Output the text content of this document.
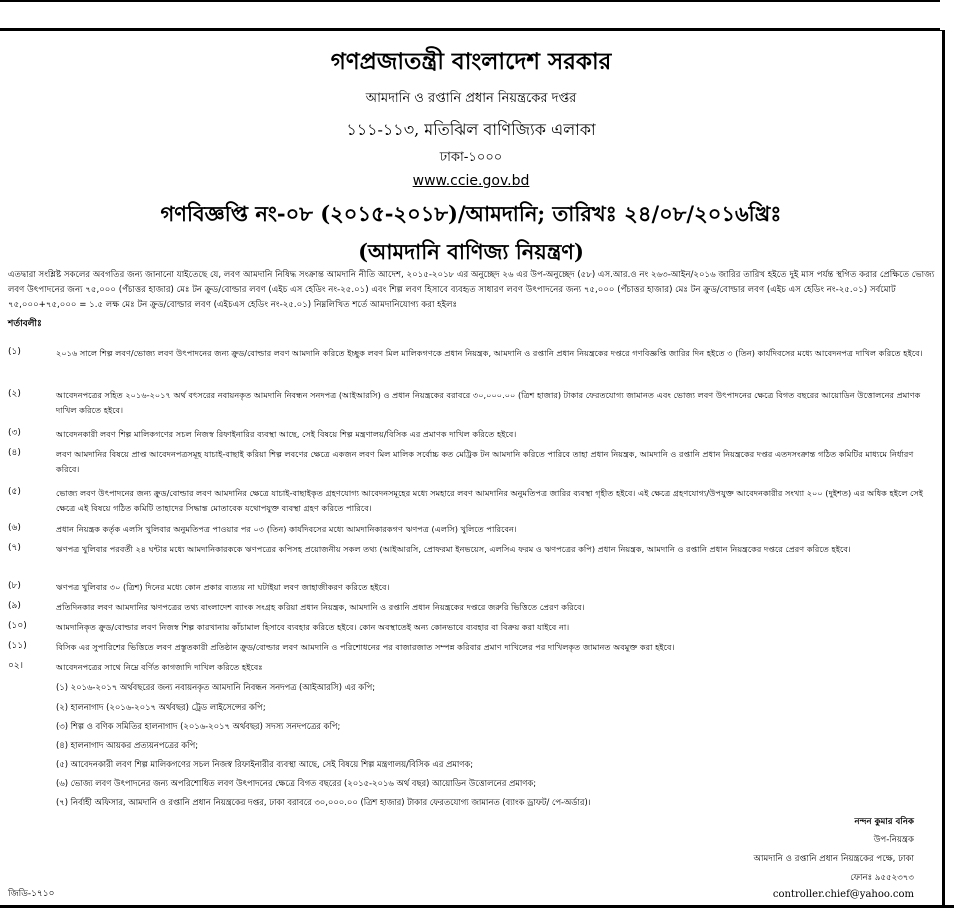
গণপ্রজাতন্ত্রী বাংলাদেশ সরকার
আমদানি ও রপ্তানি প্রধান নিয়ন্ত্রকের দপ্তর
১১১-১১৩, মতিঝিল বাণিজ্যিক এলাকা
ঢাকা-১০০০
www.ccie.gov.bd
গণবিজ্ঞপ্তি নং-০৮ (২০১৫-২০১৮)/আমদানি; তারিখঃ ২৪/০৮/২০১৬খ্রিঃ
(আমদানি বাণিজ্য নিয়ন্ত্রণ)
এতদ্বারা সংশ্লিষ্ট সকলের অবগতির জন্য জানানো যাইতেছে যে, লবণ আমদানি নিষিদ্ধ সংক্রান্ত আমদানি নীতি আদেশ, ২০১৫-২০১৮ এর অনুচ্ছেদ ২৬ এর উপ-অনুচ্ছেদ (৫৮) এস.আর.ও নং ২৬৩-আইন/২০১৬ জারির তারিখ হইতে দুই মাস পর্যন্ত স্থগিত করার প্রেক্ষিতে ভোজ্য লবণ উৎপাদনের জন্য ৭৫,০০০ (পঁচাত্তর হাজার) মেঃ টন ক্রুড/বোল্ডার লবণ (এইচ এস হেডিং নং-২৫.০১) এবং শিল্প লবণ হিসাবে ব্যবহৃত সাধারণ লবণ উৎপাদনের জন্য ৭৫,০০০ (পঁচাত্তর হাজার) মেঃ টন ক্রুড/বোল্ডার লবণ (এইচ এস হেডিং নং-২৫.০১) সর্বমোট ৭৫,০০০+৭৫,০০০ = ১.৫ লক্ষ মেঃ টন ক্রুড/বোল্ডার লবণ (এইচএস হেডিং নং-২৫.০১) নিম্নলিখিত শর্তে আমদানিযোগ্য করা হইলঃ
শর্তাবলীঃ
(১)	২০১৬ সালে শিল্প লবণ/ভোজ্য লবণ উৎপাদনের জন্য ক্রুড/বোল্ডার লবণ আমদানি করিতে ইচ্ছুক লবণ মিল মালিকগণকে প্রধান নিয়ন্ত্রক, আমদানি ও রপ্তানি প্রধান নিয়ন্ত্রকের দপ্তরে গণবিজ্ঞপ্তি জারির দিন হইতে ৩ (তিন) কার্যদিবসের মধ্যে আবেদনপত্র দাখিল করিতে হইবে।
(২)	আবেদনপত্রের সহিত ২০১৬-২০১৭ অর্থ বৎসরের নবায়নকৃত আমদানি নিবন্ধন সনদপত্র (আইআরসি) ও প্রধান নিয়ন্ত্রকের বরাবরে ৩০,০০০.০০ (ত্রিশ হাজার) টাকার ফেরতযোগ্য জামানত এবং ভোজ্য লবণ উৎপাদনের ক্ষেত্রে বিগত বছরের আয়োডিন উত্তোলনের প্রমাণক দাখিল করিতে হইবে।
(৩)	আবেদনকারী লবণ শিল্প মালিকগণের সচল নিজস্ব রিফাইনারির ব্যবস্থা আছে, সেই বিষয়ে শিল্প মন্ত্রণালয়/বিসিক এর প্রমাণক দাখিল করিতে হইবে।
(৪)	লবণ আমদানির বিষয়ে প্রাপ্ত আবেদনপত্রসমূহ যাচাই-বাছাই করিয়া শিল্প লবণের ক্ষেত্রে একজন লবণ মিল মালিক সর্বোচ্চ কত মেট্রিক টন আমদানি করিতে পারিবে তাহা প্রধান নিয়ন্ত্রক, আমদানি ও রপ্তানি প্রধান নিয়ন্ত্রকের দপ্তর এতদসংক্রান্ত গঠিত কমিটির মাধ্যমে নির্ধারণ করিবে।
(৫)	ভোজ্য লবণ উৎপাদনের জন্য ক্রুড/বোল্ডার লবণ আমদানির ক্ষেত্রে যাচাই-বাছাইকৃত গ্রহণযোগ্য আবেদনসমূহের মধ্যে সমহারে লবণ আমদানির অনুমতিপত্র জারির ব্যবস্থা গৃহীত হইবে। এই ক্ষেত্রে গ্রহণযোগ্য/উপযুক্ত আবেদনকারীর সংখ্যা ২০০ (দুইশত) এর অধিক হইলে সেই ক্ষেত্রে এই বিষয়ে গঠিত কমিটি তাহাদের সিদ্ধান্ত মোতাবেক যথোপযুক্ত ব্যবস্থা গ্রহণ করিতে পারিবে।
(৬)	প্রধান নিয়ন্ত্রক কর্তৃক এলসি খুলিবার অনুমতিপত্র পাওয়ার পর ০৩ (তিন) কার্যদিবসের মধ্যে আমদানিকারকগণ ঋণপত্র (এলসি) খুলিতে পারিবেন।
(৭)	ঋণপত্র খুলিবার পরবর্তী ২৪ ঘন্টার মধ্যে আমদানিকারককে ঋণপত্রের কপিসহ প্রয়োজনীয় সকল তথ্য (আইআরসি, প্রোফরমা ইনভয়েস, এলসিএ ফরম ও ঋণপত্রের কপি) প্রধান নিয়ন্ত্রক, আমদানি ও রপ্তানি প্রধান নিয়ন্ত্রকের দপ্তরে প্রেরণ করিতে হইবে।
(৮)	ঋণপত্র খুলিবার ৩০ (ত্রিশ) দিনের মধ্যে কোন প্রকার ব্যত্যয় না ঘটাইয়া লবণ জাহাজীকরণ করিতে হইবে।
(৯)	প্রতিদিনকার লবণ আমদানির ঋণপত্রের তথ্য বাংলাদেশ ব্যাংক সংগ্রহ করিয়া প্রধান নিয়ন্ত্রক, আমদানি ও রপ্তানি প্রধান নিয়ন্ত্রকের দপ্তরে জরুরি ভিত্তিতে প্রেরণ করিবে।
(১০)	আমদানিকৃত ক্রুড/বোল্ডার লবণ নিজস্ব শিল্প কারখানায় কাঁচামাল হিসাবে ব্যবহার করিতে হইবে। কোন অবস্থাতেই অন্য কোনভাবে ব্যবহার বা বিক্রয় করা যাইবে না।
(১১)	বিসিক এর সুপারিশের ভিত্তিতে লবণ প্রস্তুতকারী প্রতিষ্ঠান ক্রুড/বোল্ডার লবণ আমদানি ও পরিশোধনের পর বাজারজাত সম্পন্ন করিবার প্রমাণ দাখিলের পর দাখিলকৃত জামানত অবমুক্ত করা হইবে।
০২।	আবেদনপত্রের সাথে নিম্নে বর্ণিত কাগজাদি দাখিল করিতে হইবেঃ
(১) ২০১৬-২০১৭ অর্থবছরের জন্য নবায়নকৃত আমদানি নিবন্ধন সনদপত্র (আইআরসি) এর কপি;
(২) হালনাগাদ (২০১৬-২০১৭ অর্থবছর) ট্রেড লাইসেন্সের কপি;
(৩) শিল্প ও বণিক সমিতির হালনাগাদ (২০১৬-২০১৭ অর্থবছর) সদস্য সনদপত্রের কপি;
(৪) হালনাগাদ আয়কর প্রত্যয়নপত্রের কপি;
(৫) আবেদনকারী লবণ শিল্প মালিকগণের সচল নিজস্ব রিফাইনারীর ব্যবস্থা আছে, সেই বিষয়ে শিল্প মন্ত্রণালয়/বিসিক এর প্রমাণক;
(৬) ভোজ্য লবণ উৎপাদনের জন্য অপরিশোধিত লবণ উৎপাদনের ক্ষেত্রে বিগত বছরের (২০১৫-২০১৬ অর্থ বছর) আয়োডিন উত্তোলনের প্রমাণক;
(৭) নির্বাহী অফিসার, আমদানি ও রপ্তানি প্রধান নিয়ন্ত্রকের দপ্তর, ঢাকা বরাবরে ৩০,০০০.০০ (ত্রিশ হাজার) টাকার ফেরতযোগ্য জামানত (ব্যাংক ড্রাফট/ পে-অর্ডার)।
নন্দন কুমার বনিক
উপ-নিয়ন্ত্রক
আমদানি ও রপ্তানি প্রধান নিয়ন্ত্রকের পক্ষে, ঢাকা
ফোনঃ ৯৫৫২৩৭৩
controller.chief@yahoo.com
জিডি-১৭১০
